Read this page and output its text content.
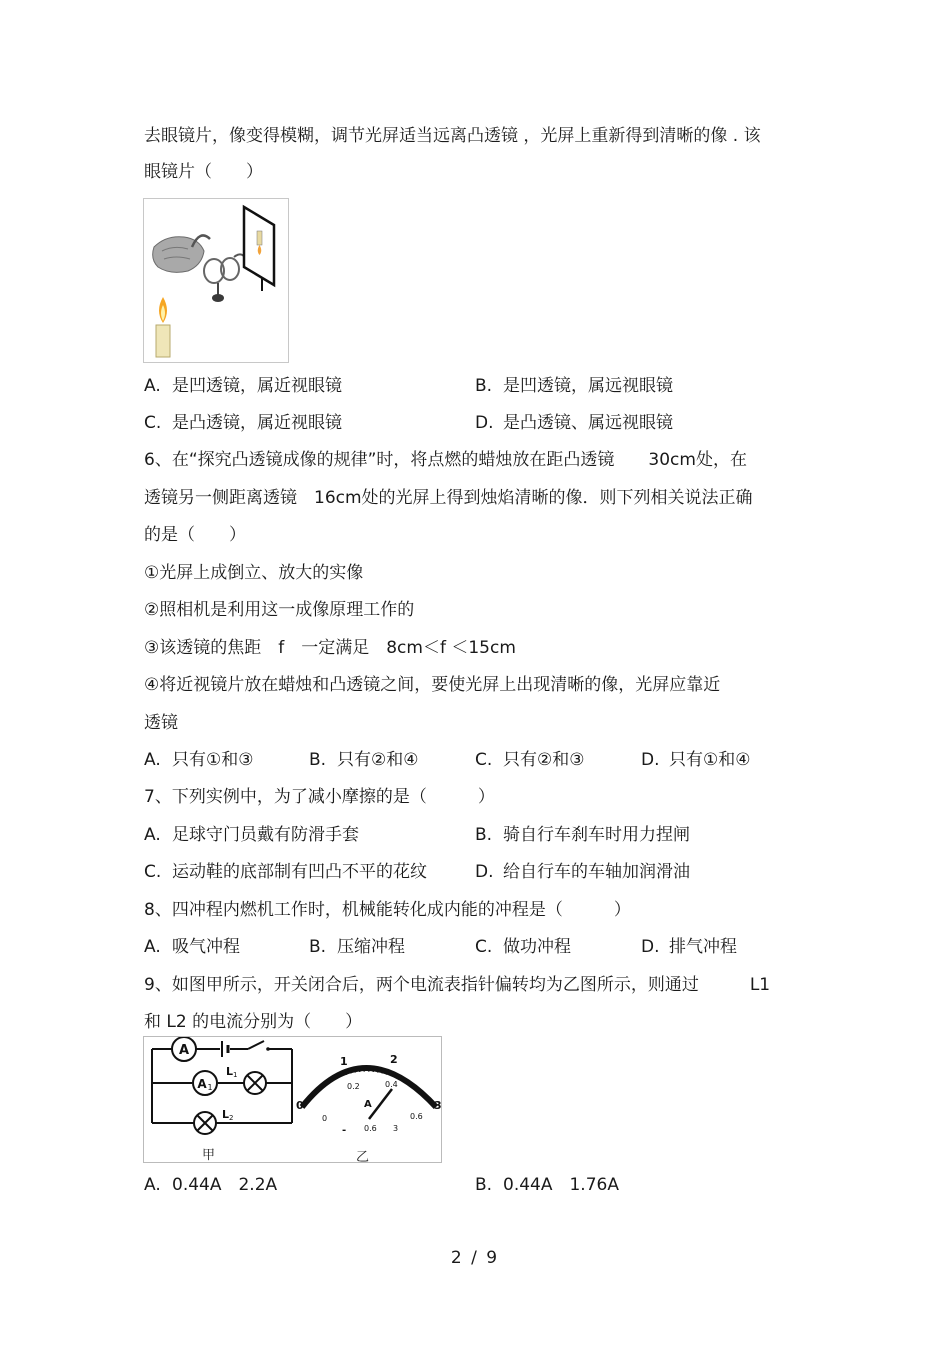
去眼镜片，像变得模糊，调节光屏适当远离凸透镜 ，光屏上重新得到清晰的像 . 该
眼镜片（　　）
A. 是凹透镜，属近视眼镜	B. 是凹透镜，属远视眼镜
C. 是凸透镜，属近视眼镜	D. 是凸透镜、属远视眼镜
6、在“探究凸透镜成像的规律”时，将点燃的蜡烛放在距凸透镜　　30cm处，在
透镜另一侧距离透镜　16cm处的光屏上得到烛焰清晰的像．则下列相关说法正确
的是（　　）
①光屏上成倒立、放大的实像
②照相机是利用这一成像原理工作的
③该透镜的焦距　f　一定满足　8cm＜f ＜15cm
④将近视镜片放在蜡烛和凸透镜之间，要使光屏上出现清晰的像，光屏应靠近
透镜
A. 只有①和③	B. 只有②和④	C. 只有②和③	D. 只有①和④
7、下列实例中，为了减小摩擦的是（　　　）
A. 足球守门员戴有防滑手套	B. 骑自行车刹车时用力捏闸
C. 运动鞋的底部制有凹凸不平的花纹	D. 给自行车的车轴加润滑油
8、四冲程内燃机工作时，机械能转化成内能的冲程是（　　　）
A. 吸气冲程	B. 压缩冲程	C. 做功冲程	D. 排气冲程
9、如图甲所示，开关闭合后，两个电流表指针偏转均为乙图所示，则通过　　　L1
和 L2 的电流分别为（　　）
A
A 1
L 1
L 2
甲
0
1	2
3
0
0.2	0.4
0.6
A
- 0.6 3
乙
A. 0.44A　2.2A	B. 0.44A　1.76A
2 / 9
